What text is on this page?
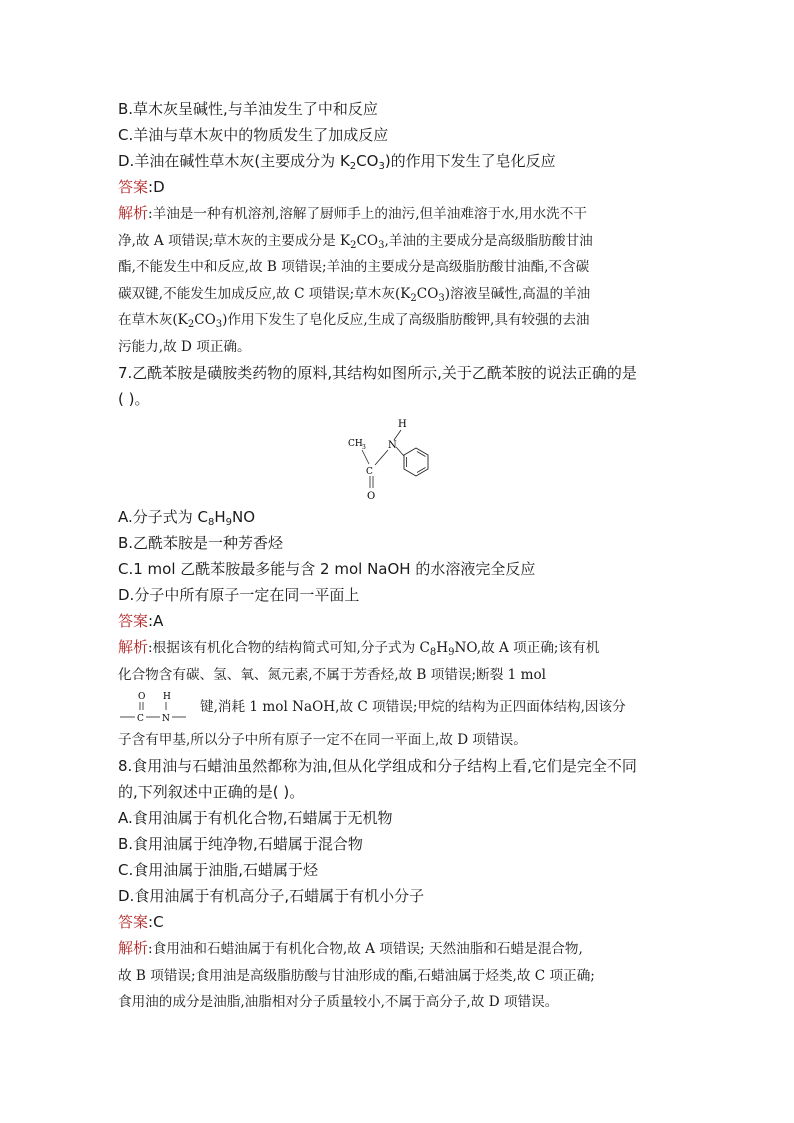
B.草木灰呈碱性,与羊油发生了中和反应
C.羊油与草木灰中的物质发生了加成反应
D.羊油在碱性草木灰(主要成分为 $K_2CO_3$)的作用下发生了皂化反应
答案:D
解析:羊油是一种有机溶剂,溶解了厨师手上的油污,但羊油难溶于水,用水洗不干
净,故 A 项错误;草木灰的主要成分是 $K_2CO_3$,羊油的主要成分是高级脂肪酸甘油
酯,不能发生中和反应,故 B 项错误;羊油的主要成分是高级脂肪酸甘油酯,不含碳
碳双键,不能发生加成反应,故 C 项错误;草木灰$(K_2CO_3)$溶液呈碱性,高温的羊油
在草木灰$(K_2CO_3)$作用下发生了皂化反应,生成了高级脂肪酸钾,具有较强的去油
污能力,故 D 项正确。
7.乙酰苯胺是磺胺类药物的原料,其结构如图所示,关于乙酰苯胺的说法正确的是
( )。
H
CH 3 N
C
O
A.分子式为 $C_8H_9NO$
B.乙酰苯胺是一种芳香烃
C.1 mol 乙酰苯胺最多能与含 2 mol NaOH 的水溶液完全反应
D.分子中所有原子一定在同一平面上
答案:A
解析:根据该有机化合物的结构简式可知,分子式为 $C_8H_9NO$,故 A 项正确;该有机
化合物含有碳、氢、氧、氮元素,不属于芳香烃,故 B 项错误;断裂 1 mol
O H
C N
键,消耗 1 mol NaOH,故 C 项错误;甲烷的结构为正四面体结构,因该分
子含有甲基,所以分子中所有原子一定不在同一平面上,故 D 项错误。
8.食用油与石蜡油虽然都称为油,但从化学组成和分子结构上看,它们是完全不同
的,下列叙述中正确的是( )。
A.食用油属于有机化合物,石蜡属于无机物
B.食用油属于纯净物,石蜡属于混合物
C.食用油属于油脂,石蜡属于烃
D.食用油属于有机高分子,石蜡属于有机小分子
答案:C
解析:食用油和石蜡油属于有机化合物,故 A 项错误; 天然油脂和石蜡是混合物,
故 B 项错误;食用油是高级脂肪酸与甘油形成的酯,石蜡油属于烃类,故 C 项正确;
食用油的成分是油脂,油脂相对分子质量较小,不属于高分子,故 D 项错误。
